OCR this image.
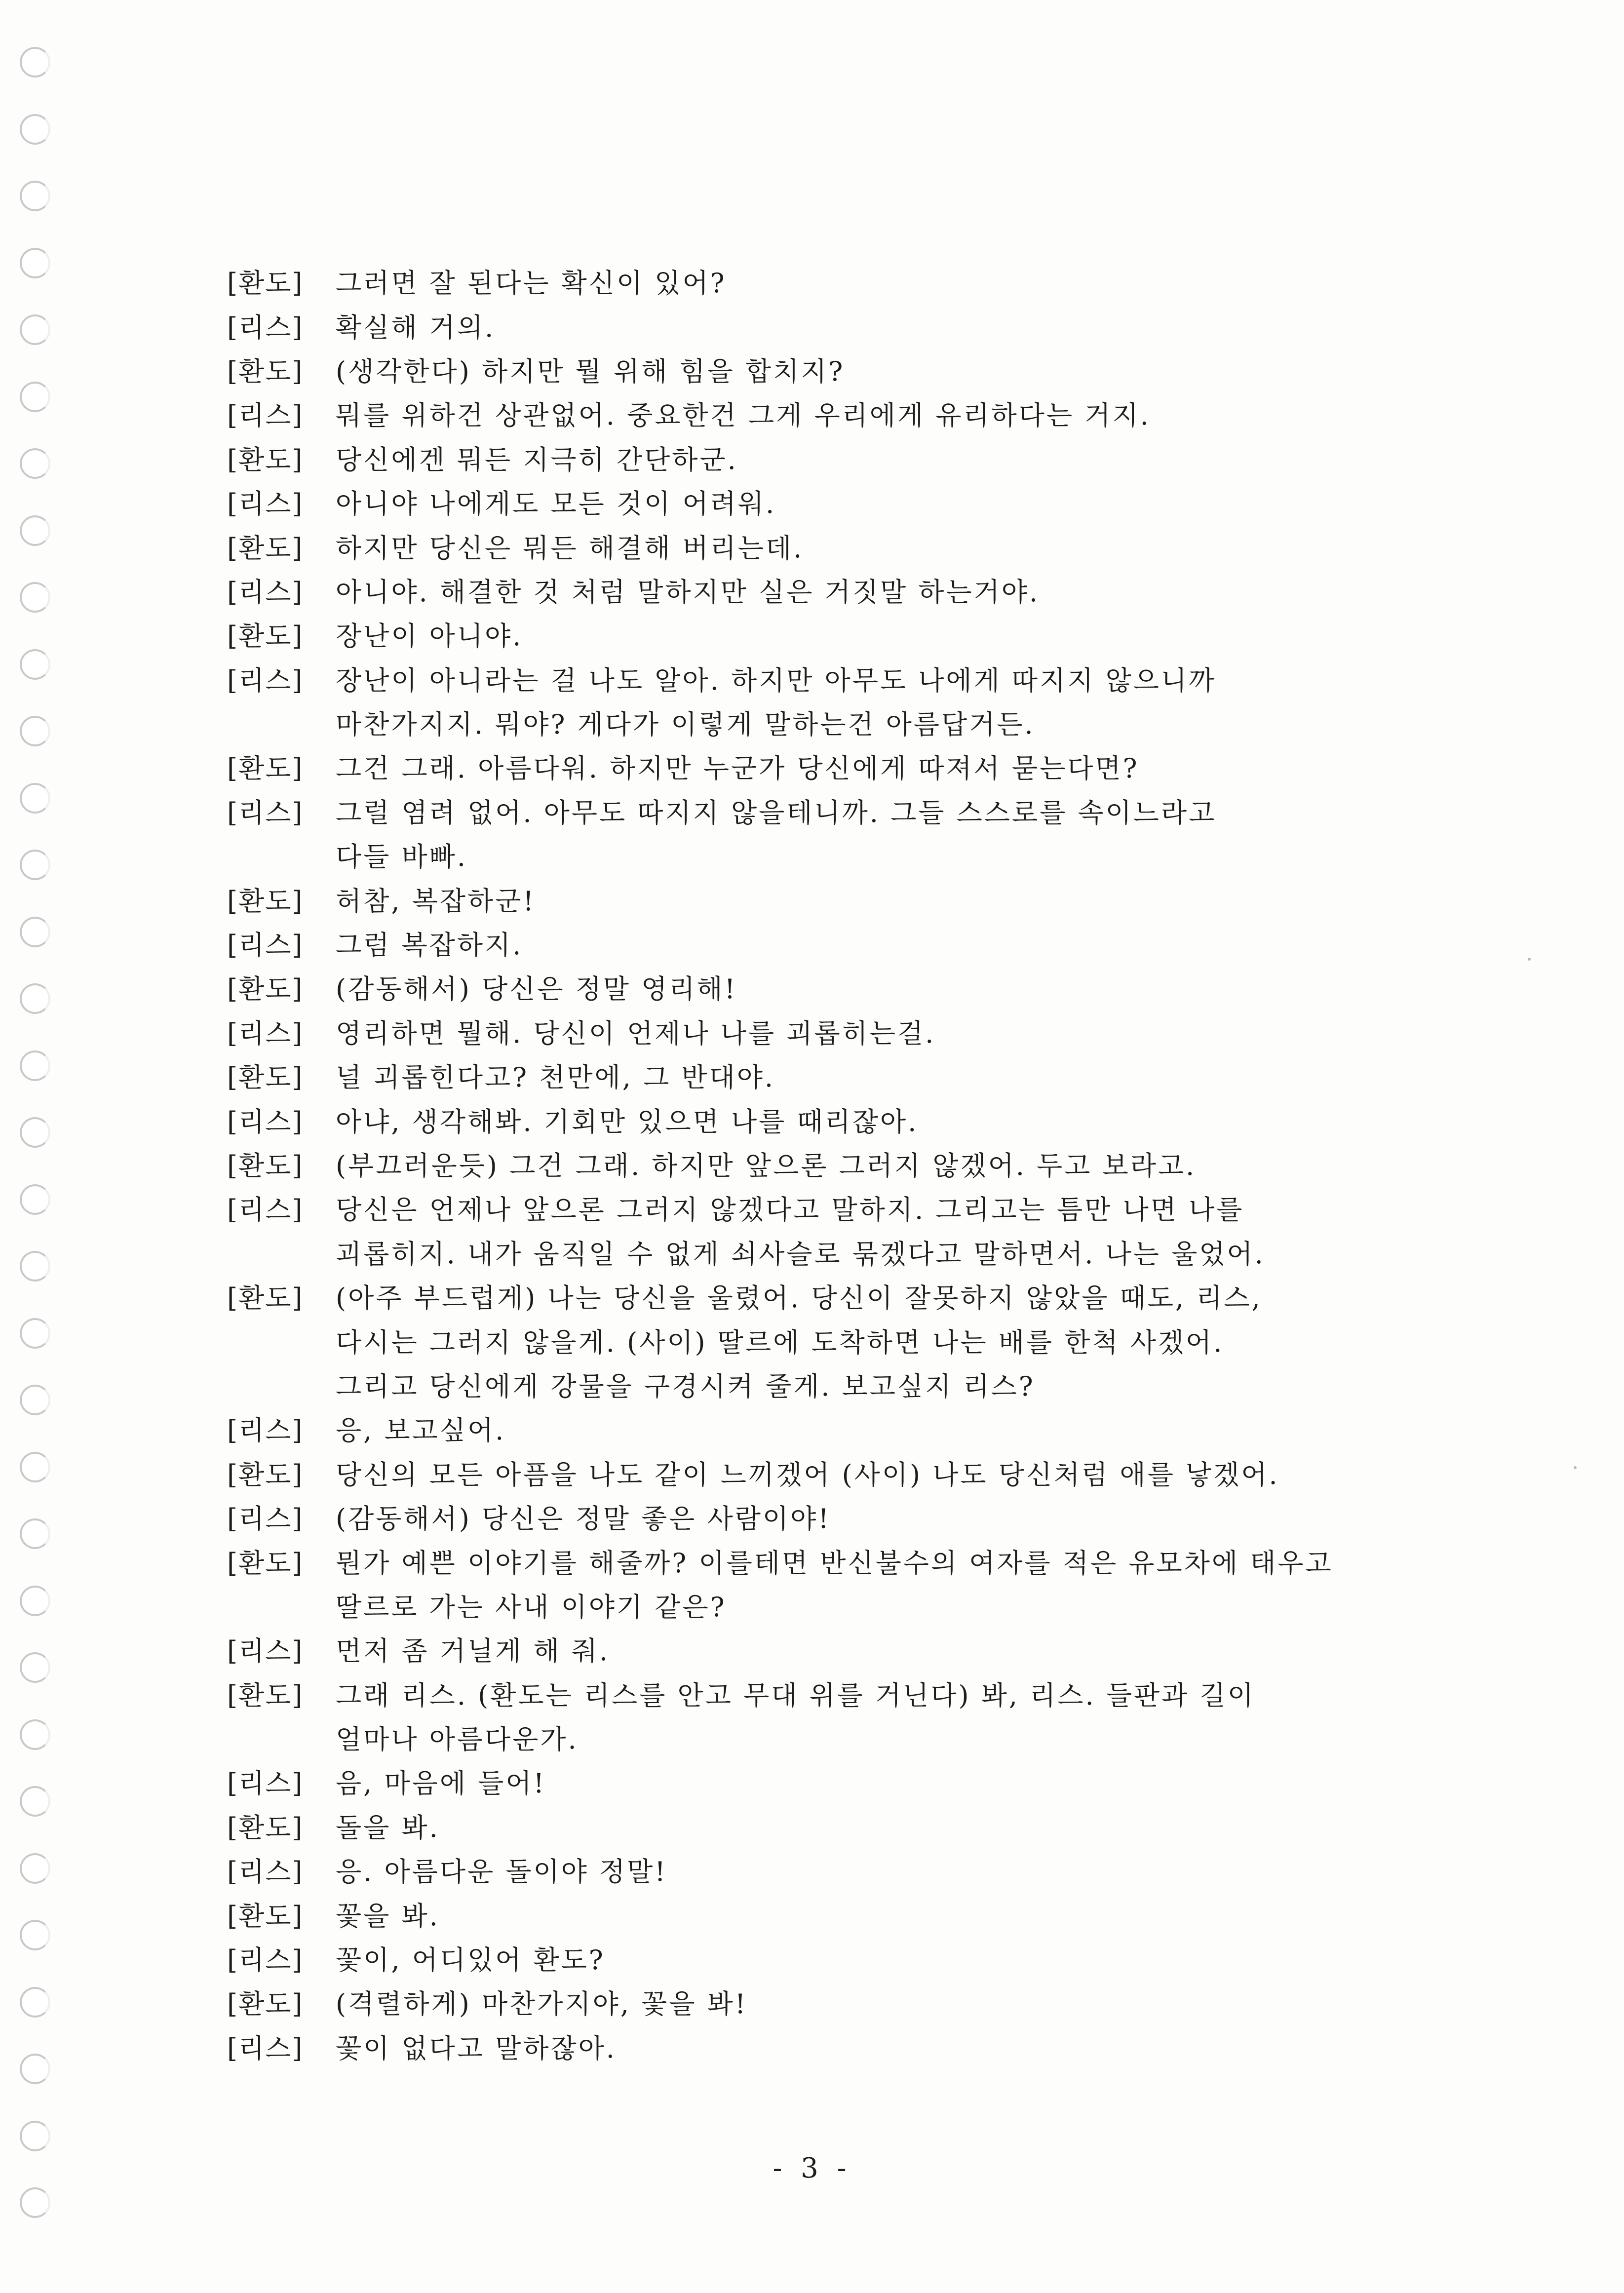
[환도]	그러면 잘 된다는 확신이 있어?
[리스]	확실해 거의.
[환도]	(생각한다) 하지만 뭘 위해 힘을 합치지?
[리스]	뭐를 위하건 상관없어. 중요한건 그게 우리에게 유리하다는 거지.
[환도]	당신에겐 뭐든 지극히 간단하군.
[리스]	아니야 나에게도 모든 것이 어려워.
[환도]	하지만 당신은 뭐든 해결해 버리는데.
[리스]	아니야. 해결한 것 처럼 말하지만 실은 거짓말 하는거야.
[환도]	장난이 아니야.
[리스]	장난이 아니라는 걸 나도 알아. 하지만 아무도 나에게 따지지 않으니까
마찬가지지. 뭐야? 게다가 이렇게 말하는건 아름답거든.
[환도]	그건 그래. 아름다워. 하지만 누군가 당신에게 따져서 묻는다면?
[리스]	그럴 염려 없어. 아무도 따지지 않을테니까. 그들 스스로를 속이느라고
다들 바빠.
[환도]	허참, 복잡하군!
[리스]	그럼 복잡하지.
[환도]	(감동해서) 당신은 정말 영리해!
[리스]	영리하면 뭘해. 당신이 언제나 나를 괴롭히는걸.
[환도]	널 괴롭힌다고? 천만에, 그 반대야.
[리스]	아냐, 생각해봐. 기회만 있으면 나를 때리잖아.
[환도]	(부끄러운듯) 그건 그래. 하지만 앞으론 그러지 않겠어. 두고 보라고.
[리스]	당신은 언제나 앞으론 그러지 않겠다고 말하지. 그리고는 틈만 나면 나를
괴롭히지. 내가 움직일 수 없게 쇠사슬로 묶겠다고 말하면서. 나는 울었어.
[환도]	(아주 부드럽게) 나는 당신을 울렸어. 당신이 잘못하지 않았을 때도, 리스,
다시는 그러지 않을게. (사이) 딸르에 도착하면 나는 배를 한척 사겠어.
그리고 당신에게 강물을 구경시켜 줄게. 보고싶지 리스?
[리스]	응, 보고싶어.
[환도]	당신의 모든 아픔을 나도 같이 느끼겠어 (사이) 나도 당신처럼 애를 낳겠어.
[리스]	(감동해서) 당신은 정말 좋은 사람이야!
[환도]	뭔가 예쁜 이야기를 해줄까? 이를테면 반신불수의 여자를 적은 유모차에 태우고
딸르로 가는 사내 이야기 같은?
[리스]	먼저 좀 거닐게 해 줘.
[환도]	그래 리스. (환도는 리스를 안고 무대 위를 거닌다) 봐, 리스. 들판과 길이
얼마나 아름다운가.
[리스]	음, 마음에 들어!
[환도]	돌을 봐.
[리스]	응. 아름다운 돌이야 정말!
[환도]	꽃을 봐.
[리스]	꽃이, 어디있어 환도?
[환도]	(격렬하게) 마찬가지야, 꽃을 봐!
[리스]	꽃이 없다고 말하잖아.
- 3 -
